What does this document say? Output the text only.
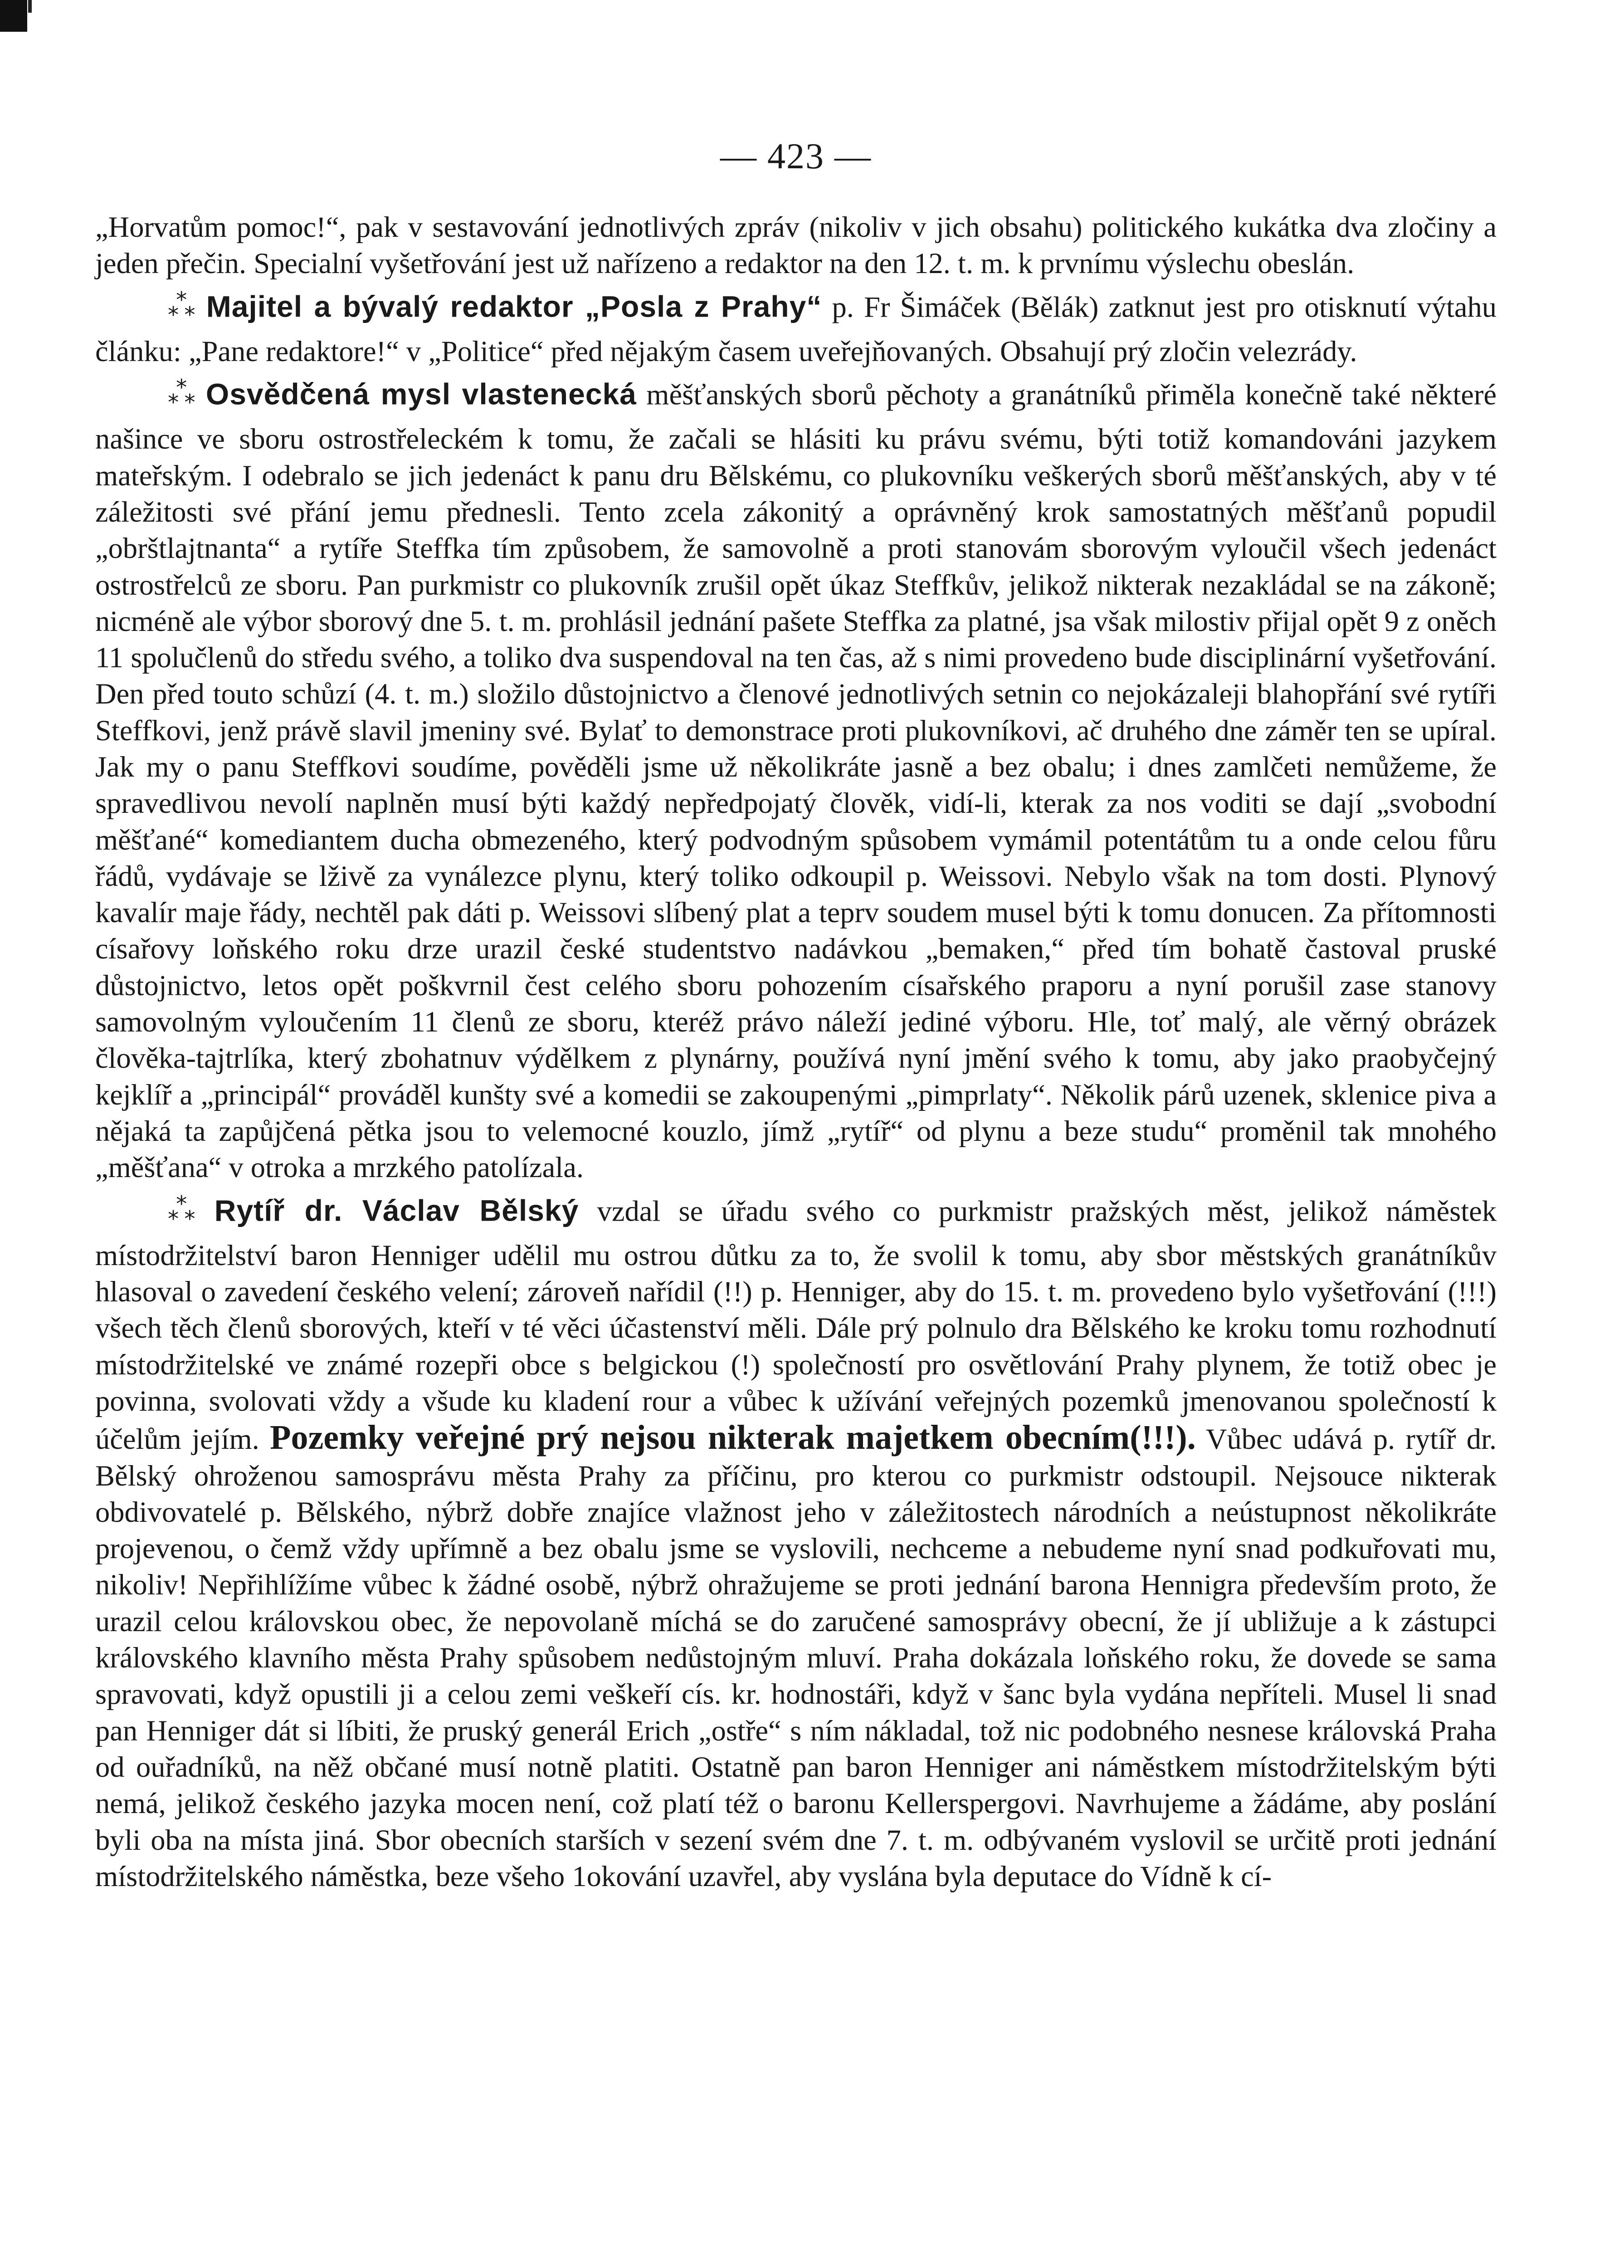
— 423 —

„Horvatům pomoc!“, pak v sestavování jednotlivých zpráv (nikoliv v jich obsahu) politického kukátka dva zločiny a jeden přečin. Specialní vyšetřování jest už nařízeno a redaktor na den 12. t. m. k prvnímu výslechu obeslán.

$_*$*$_*$ Majitel a bývalý redaktor „Posla z Prahy“ p. Fr Šimáček (Bělák) zatknut jest pro otisknutí výtahu článku: „Pane redaktore!“ v „Politice“ před nějakým časem uveřejňovaných. Obsahují prý zločin velezrády.

$_*$*$_*$ Osvědčená mysl vlastenecká měšťanských sborů pěchoty a granátníků přiměla konečně také některé našince ve sboru ostrostřeleckém k tomu, že začali se hlásiti ku právu svému, býti totiž komandováni jazykem mateřským. I odebralo se jich jedenáct k panu dru Bělskému, co plukovníku veškerých sborů měšťanských, aby v té záležitosti své přání jemu přednesli. Tento zcela zákonitý a oprávněný krok samostatných měšťanů popudil „obrštlajtnanta“ a rytíře Steffka tím způsobem, že samovolně a proti stanovám sborovým vyloučil všech jedenáct ostrostřelců ze sboru. Pan purkmistr co plukovník zrušil opět úkaz Steffkův, jelikož nikterak nezakládal se na zákoně; nicméně ale výbor sborový dne 5. t. m. prohlásil jednání pašete Steffka za platné, jsa však milostiv přijal opět 9 z oněch 11 spolučlenů do středu svého, a toliko dva suspendoval na ten čas, až s nimi provedeno bude disciplinární vyšetřování. Den před touto schůzí (4. t. m.) složilo důstojnictvo a členové jednotlivých setnin co nejokázaleji blahopřání své rytíři Steffkovi, jenž právě slavil jmeniny své. Bylať to demonstrace proti plukovníkovi, ač druhého dne záměr ten se upíral. Jak my o panu Steffkovi soudíme, pověděli jsme už několikráte jasně a bez obalu; i dnes zamlčeti nemůžeme, že spravedlivou nevolí naplněn musí býti každý nepředpojatý člověk, vidí-li, kterak za nos voditi se dají „svobodní měšťané“ komediantem ducha obmezeného, který podvodným spůsobem vymámil potentátům tu a onde celou fůru řádů, vydávaje se lživě za vynálezce plynu, který toliko odkoupil p. Weissovi. Nebylo však na tom dosti. Plynový kavalír maje řády, nechtěl pak dáti p. Weissovi slíbený plat a teprv soudem musel býti k tomu donucen. Za přítomnosti císařovy loňského roku drze urazil české studentstvo nadávkou „bemaken,“ před tím bohatě častoval pruské důstojnictvo, letos opět poškvrnil čest celého sboru pohozením císařského praporu a nyní porušil zase stanovy samovolným vyloučením 11 členů ze sboru, kteréž právo náleží jediné výboru. Hle, toť malý, ale věrný obrázek člověka-tajtrlíka, který zbohatnuv výdělkem z plynárny, používá nyní jmění svého k tomu, aby jako praobyčejný kejklíř a „principál“ prováděl kunšty své a komedii se zakoupenými „pimprlaty“. Několik párů uzenek, sklenice piva a nějaká ta zapůjčená pětka jsou to velemocné kouzlo, jímž „rytíř“ od plynu a beze studu“ proměnil tak mnohého „měšťana“ v otroka a mrzkého patolízala.

$_*$*$_*$ Rytíř dr. Václav Bělský vzdal se úřadu svého co purkmistr pražských měst, jelikož náměstek místodržitelství baron Henniger udělil mu ostrou důtku za to, že svolil k tomu, aby sbor městských granátníkův hlasoval o zavedení českého velení; zároveň nařídil (!!) p. Henniger, aby do 15. t. m. provedeno bylo vyšetřování (!!!) všech těch členů sborových, kteří v té věci účastenství měli. Dále prý polnulo dra Bělského ke kroku tomu rozhodnutí místodržitelské ve známé rozepři obce s belgickou (!) společností pro osvětlování Prahy plynem, že totiž obec je povinna, svolovati vždy a všude ku kladení rour a vůbec k užívání veřejných pozemků jmenovanou společností k účelům jejím. Pozemky veřejné prý nejsou nikterak majetkem obecním(!!!). Vůbec udává p. rytíř dr. Bělský ohroženou samosprávu města Prahy za příčinu, pro kterou co purkmistr odstoupil. Nejsouce nikterak obdivovatelé p. Bělského, nýbrž dobře znajíce vlažnost jeho v záležitostech národních a neústupnost několikráte projevenou, o čemž vždy upřímně a bez obalu jsme se vyslovili, nechceme a nebudeme nyní snad podkuřovati mu, nikoliv! Nepřihlížíme vůbec k žádné osobě, nýbrž ohražujeme se proti jednání barona Hennigra především proto, že urazil celou královskou obec, že nepovolaně míchá se do zaručené samosprávy obecní, že jí ubližuje a k zástupci královského klavního města Prahy spůsobem nedůstojným mluví. Praha dokázala loňského roku, že dovede se sama spravovati, když opustili ji a celou zemi veškeří cís. kr. hodnostáři, když v šanc byla vydána nepříteli. Musel li snad pan Henniger dát si líbiti, že pruský generál Erich „ostře“ s ním nákladal, tož nic podobného nesnese královská Praha od ouřadníků, na něž občané musí notně platiti. Ostatně pan baron Henniger ani náměstkem místodržitelským býti nemá, jelikož českého jazyka mocen není, což platí též o baronu Kellerspergovi. Navrhujeme a žádáme, aby poslání byli oba na místa jiná. Sbor obecních starších v sezení svém dne 7. t. m. odbývaném vyslovil se určitě proti jednání místodržitelského náměstka, beze všeho 1okování uzavřel, aby vyslána byla deputace do Vídně k cí-
